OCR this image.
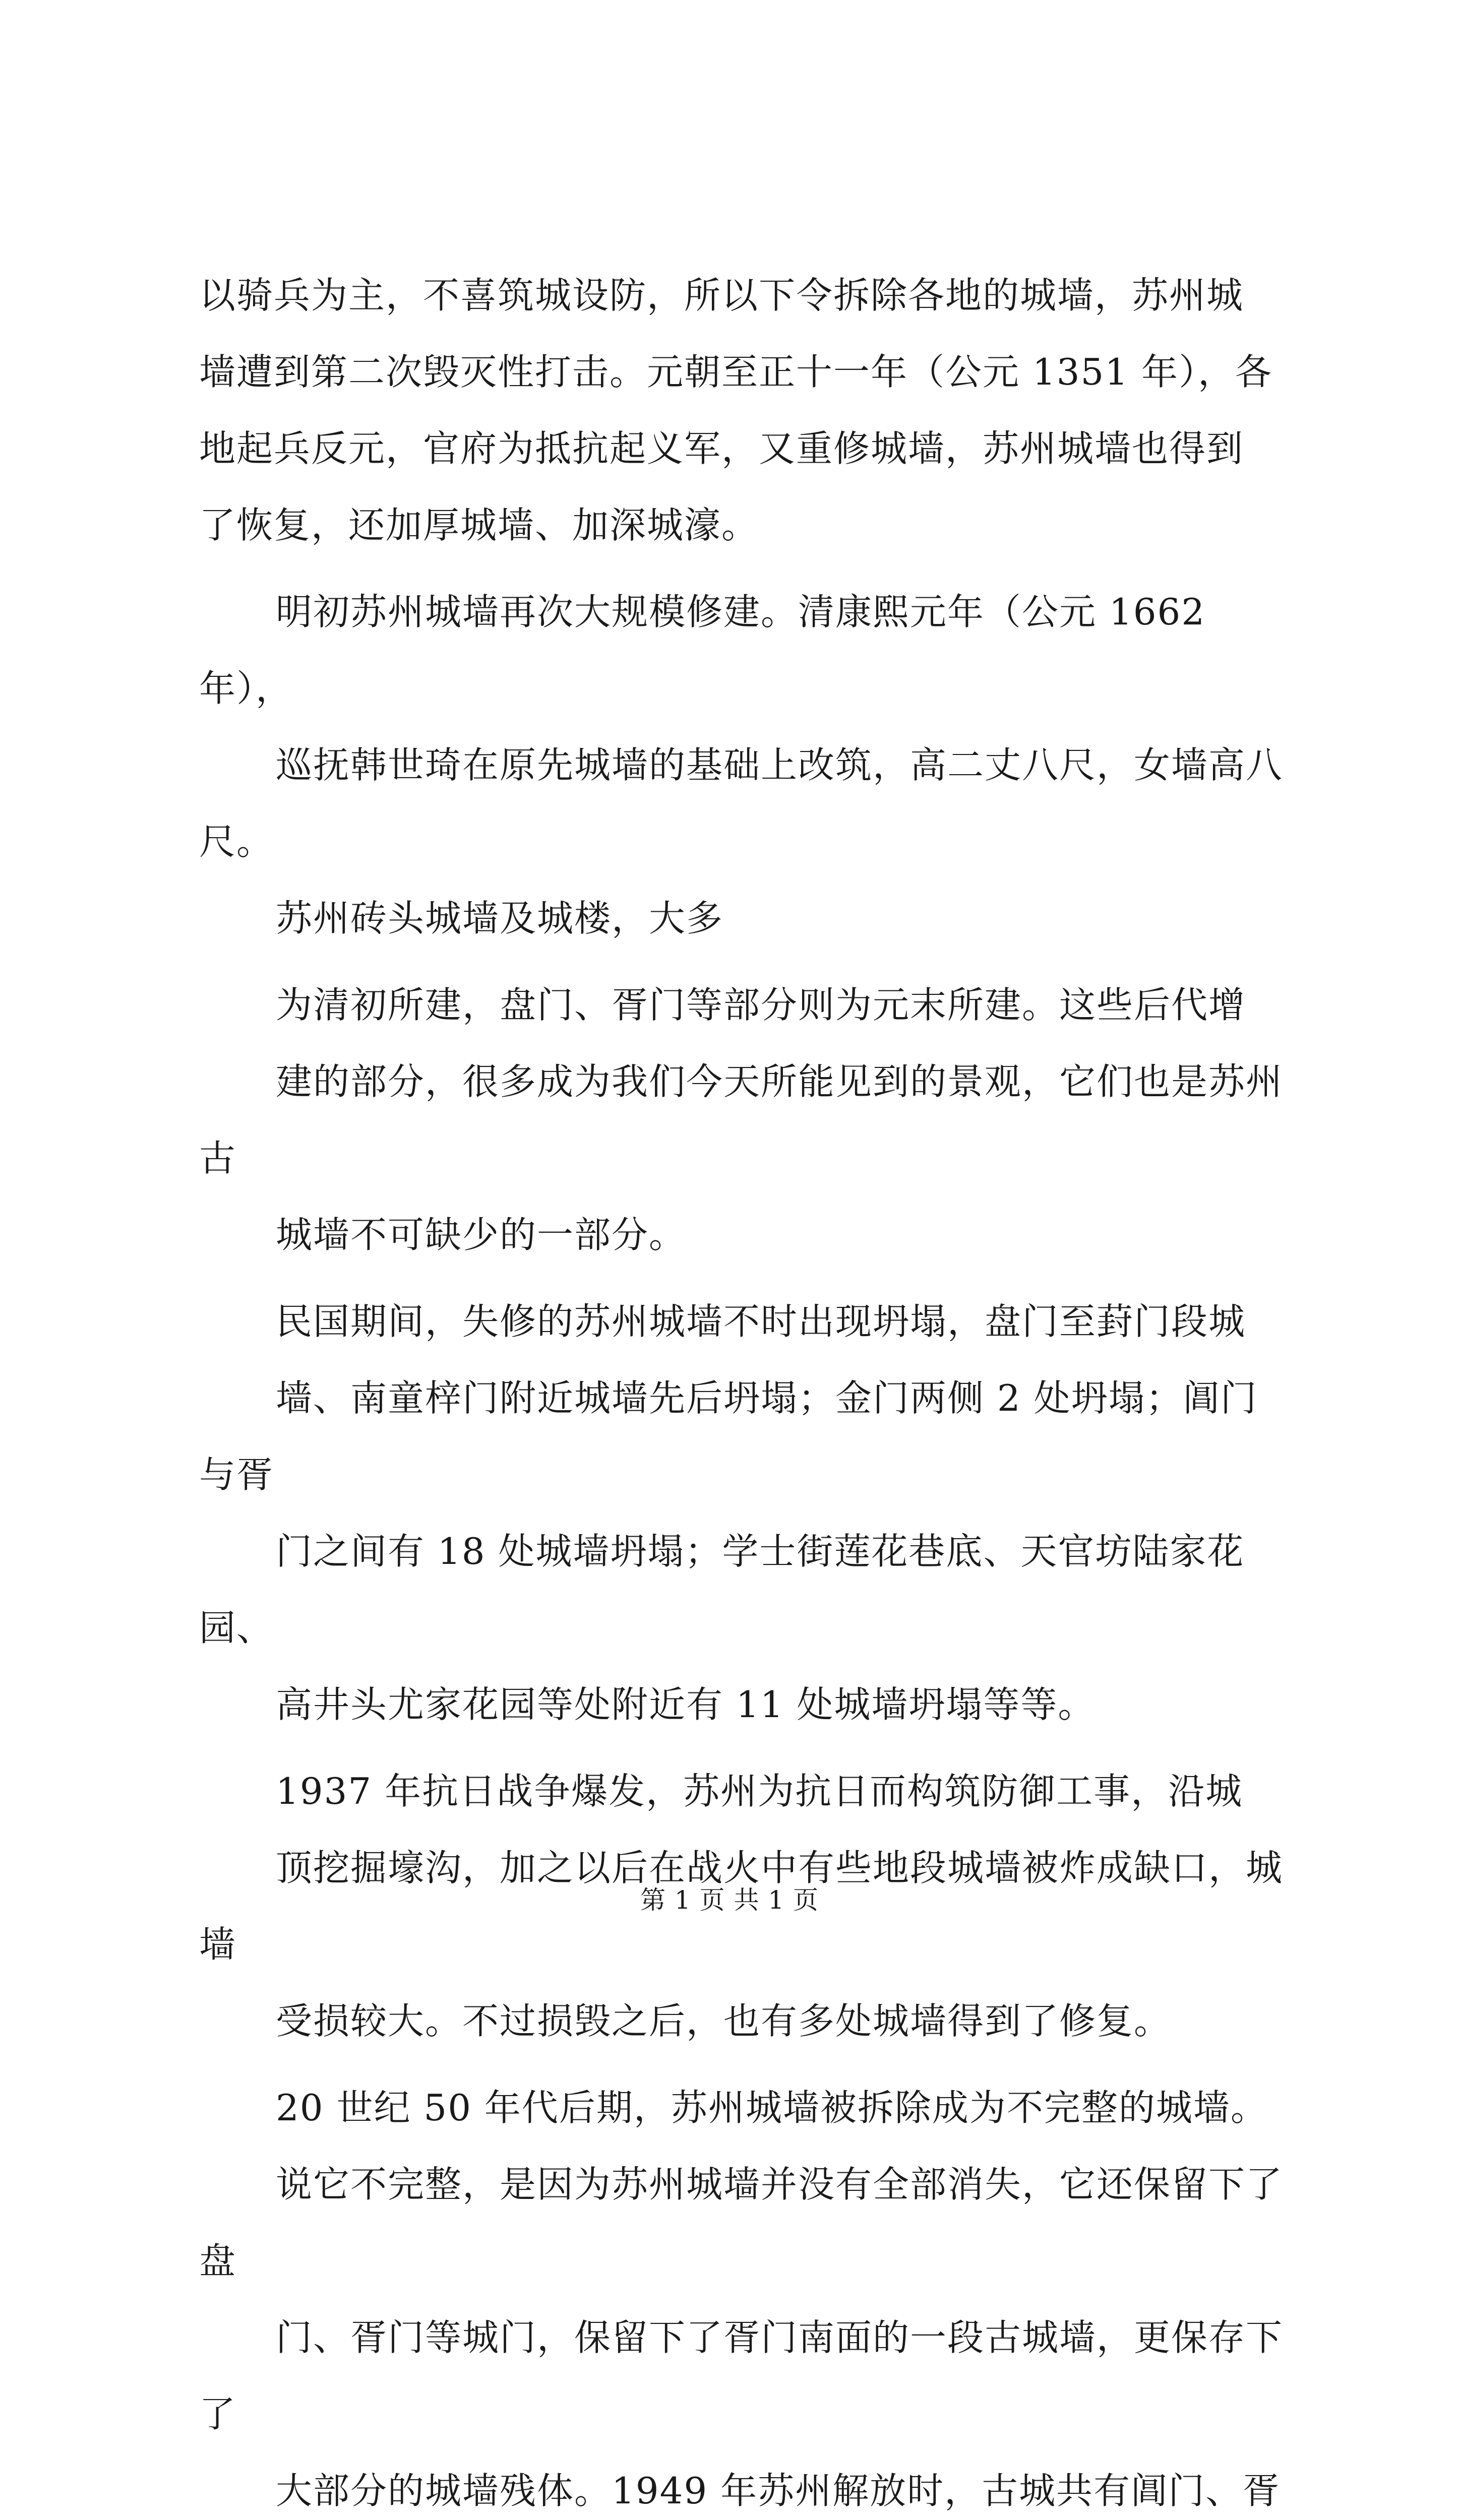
以骑兵为主，不喜筑城设防，所以下令拆除各地的城墙，苏州城
墙遭到第二次毁灭性打击。元朝至正十一年（公元 1351 年），各
地起兵反元，官府为抵抗起义军，又重修城墙，苏州城墙也得到
了恢复，还加厚城墙、加深城濠。

明初苏州城墙再次大规模修建。清康熙元年（公元 1662 年），

巡抚韩世琦在原先城墙的基础上改筑，高二丈八尺，女墙高八尺。
苏州砖头城墙及城楼，大多

为清初所建，盘门、胥门等部分则为元末所建。这些后代增

建的部分，很多成为我们今天所能见到的景观，它们也是苏州古
城墙不可缺少的一部分。

民国期间，失修的苏州城墙不时出现坍塌，盘门至葑门段城

墙、南童梓门附近城墙先后坍塌；金门两侧 2 处坍塌；阊门与胥
门之间有 18 处城墙坍塌；学士街莲花巷底、天官坊陆家花园、
高井头尤家花园等处附近有 11 处城墙坍塌等等。

1937 年抗日战争爆发，苏州为抗日而构筑防御工事，沿城

顶挖掘壕沟，加之以后在战火中有些地段城墙被炸成缺口，城墙
受损较大。不过损毁之后，也有多处城墙得到了修复。

20 世纪 50 年代后期，苏州城墙被拆除成为不完整的城墙。

说它不完整，是因为苏州城墙并没有全部消失，它还保留下了盘
门、胥门等城门，保留下了胥门南面的一段古城墙，更保存下了
大部分的城墙残体。1949 年苏州解放时，古城共有阊门、胥

第 1 页 共 1 页
